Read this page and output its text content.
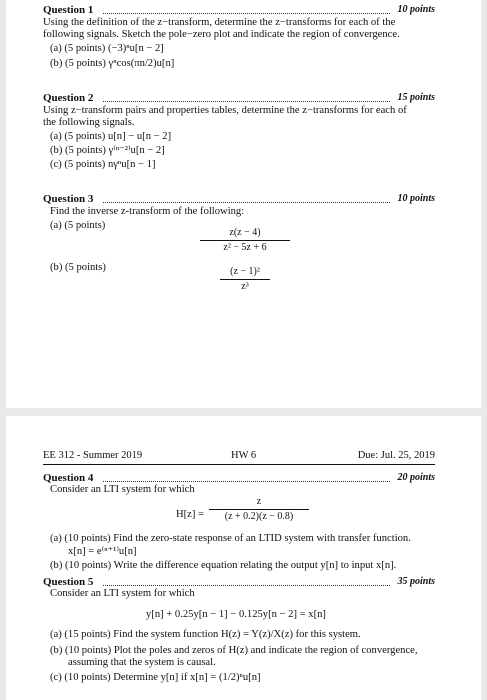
Question 1	10 points
Using the definition of the z−transform, determine the z−transforms for each of the
following signals. Sketch the pole−zero plot and indicate the region of convergence.
(a) (5 points) (−3)ⁿu[n − 2]
(b) (5 points) γⁿcos(πn/2)u[n]
Question 2	15 points
Using z−transform pairs and properties tables, determine the z−transforms for each of
the following signals.
(a) (5 points) u[n] − u[n − 2]
(b) (5 points) γ⁽ⁿ⁻²⁾u[n − 2]
(c) (5 points) nγⁿu[n − 1]
Question 3	10 points
Find the inverse z-transform of the following:
(a) (5 points)
z(z − 4)
z² − 5z + 6
(b) (5 points)	(z − 1)²
z³
EE 312 - Summer 2019	HW 6	Due: Jul. 25, 2019
Question 4	20 points
Consider an LTI system for which
H[z] =
z
(z + 0.2)(z − 0.8)
(a) (10 points) Find the zero-state response of an LTID system with transfer function.
x[n] = e⁽ⁿ⁺¹⁾u[n]
(b) (10 points) Write the difference equation relating the output y[n] to input x[n].
Question 5	35 points
Consider an LTI system for which
y[n] + 0.25y[n − 1] − 0.125y[n − 2] = x[n]
(a) (15 points) Find the system function H(z) = Y(z)/X(z) for this system.
(b) (10 points) Plot the poles and zeros of H(z) and indicate the region of convergence,
assuming that the system is causal.
(c) (10 points) Determine y[n] if x[n] = (1/2)ⁿu[n]
